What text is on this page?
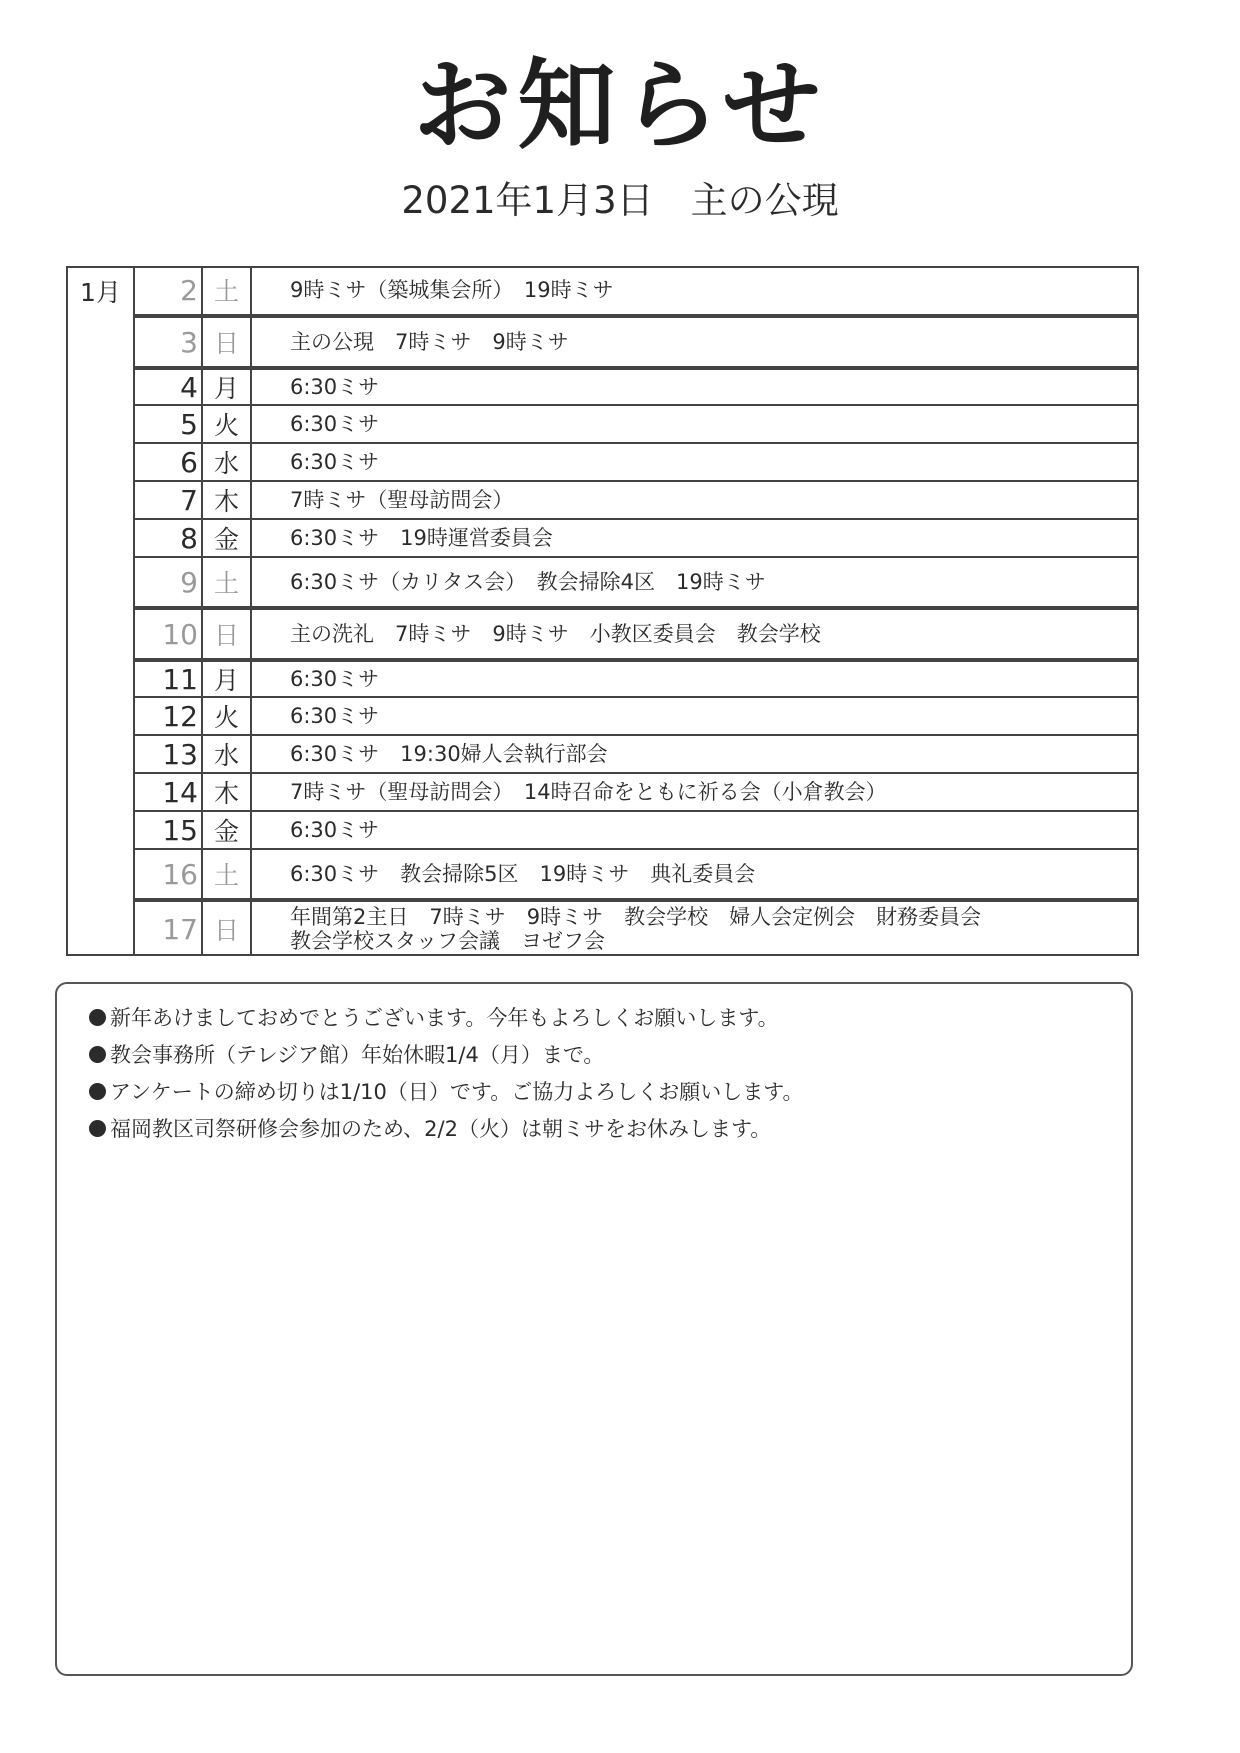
お知らせ
2021年1月3日　主の公現
1月	2 土	9時ミサ（築城集会所）　19時ミサ
3 日	主の公現　7時ミサ　9時ミサ
4 月	6:30ミサ
5 火	6:30ミサ
6 水	6:30ミサ
7 木	7時ミサ（聖母訪問会）
8 金	6:30ミサ　19時運営委員会
9 土	6:30ミサ（カリタス会）　教会掃除4区　19時ミサ
10 日	主の洗礼　7時ミサ　9時ミサ　小教区委員会　教会学校
11 月	6:30ミサ
12 火	6:30ミサ
13 水	6:30ミサ　19:30婦人会執行部会
14 木	7時ミサ（聖母訪問会）　14時召命をともに祈る会（小倉教会）
15 金	6:30ミサ
16 土	6:30ミサ　教会掃除5区　19時ミサ　典礼委員会
17 日	年間第2主日　7時ミサ　9時ミサ　教会学校　婦人会定例会　財務委員会
教会学校スタッフ会議　ヨゼフ会
新年あけましておめでとうございます。今年もよろしくお願いします。
教会事務所（テレジア館）年始休暇1/4（月）まで。
アンケートの締め切りは1/10（日）です。ご協力よろしくお願いします。
福岡教区司祭研修会参加のため、2/2（火）は朝ミサをお休みします。
